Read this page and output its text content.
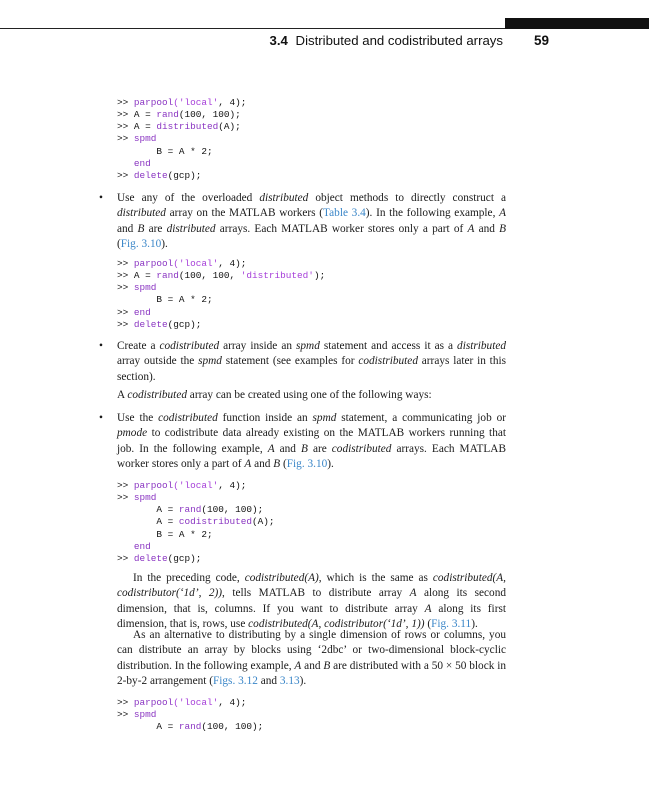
3.4 Distributed and codistributed arrays 59
>> parpool('local', 4);
>> A = rand(100, 100);
>> A = distributed(A);
>> spmd
B = A * 2;
end
>> delete(gcp);
•	Use any of the overloaded distributed object methods to directly construct a distributed array on the MATLAB workers (Table 3.4). In the following example, A and B are distributed arrays. Each MATLAB worker stores only a part of A and B (Fig. 3.10).

>> parpool('local', 4);
>> A = rand(100, 100, 'distributed');
>> spmd
B = A * 2;
>> end
>> delete(gcp);
•	Create a codistributed array inside an spmd statement and access it as a distributed array outside the spmd statement (see examples for codistributed arrays later in this section).

A codistributed array can be created using one of the following ways:

•	Use the codistributed function inside an spmd statement, a communicating job or pmode to codistribute data already existing on the MATLAB workers running that job. In the following example, A and B are codistributed arrays. Each MATLAB worker stores only a part of A and B (Fig. 3.10).

>> parpool('local', 4);
>> spmd
A = rand(100, 100);
A = codistributed(A);
B = A * 2;
end
>> delete(gcp);

In the preceding code, codistributed(A), which is the same as codistributed(A, codistributor(‘1d’, 2)), tells MATLAB to distribute array A along its second dimension, that is, columns. If you want to distribute array A along its first dimension, that is, rows, use codistributed(A, codistributor(‘1d’, 1)) (Fig. 3.11).

As an alternative to distributing by a single dimension of rows or columns, you can distribute an array by blocks using ‘2dbc’ or two-dimensional block-cyclic distribution. In the following example, A and B are distributed with a 50 × 50 block in 2-by-2 arrangement (Figs. 3.12 and 3.13).

>> parpool('local', 4);
>> spmd
A = rand(100, 100);
